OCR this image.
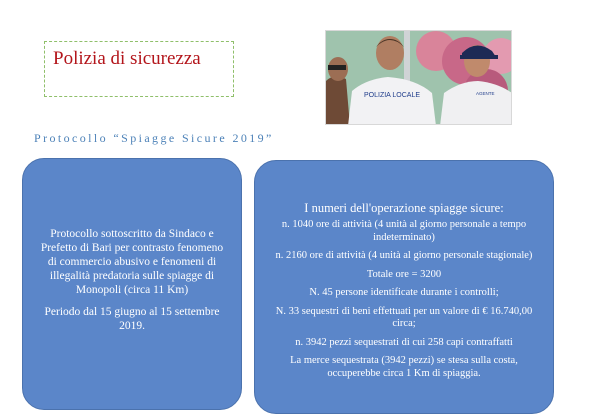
Polizia di sicurezza
POLIZIA LOCALE	AGENTE
Protocollo “Spiagge Sicure 2019”

Protocollo sottoscritto da Sindaco e Prefetto di Bari per contrasto fenomeno di commercio abusivo e fenomeni di illegalità predatoria sulle spiagge di Monopoli (circa 11 Km)

Periodo dal 15 giugno al 15 settembre 2019.

I numeri dell'operazione spiagge sicure:

n. 1040 ore di attività (4 unità al giorno personale a tempo indeterminato)

n. 2160 ore di attività (4 unità al giorno personale stagionale)

Totale ore = 3200

N. 45 persone identificate durante i controlli;

N. 33 sequestri di beni effettuati per un valore di € 16.740,00 circa;

n. 3942 pezzi sequestrati di cui 258 capi contraffatti

La merce sequestrata (3942 pezzi) se stesa sulla costa, occuperebbe circa 1 Km di spiaggia.
